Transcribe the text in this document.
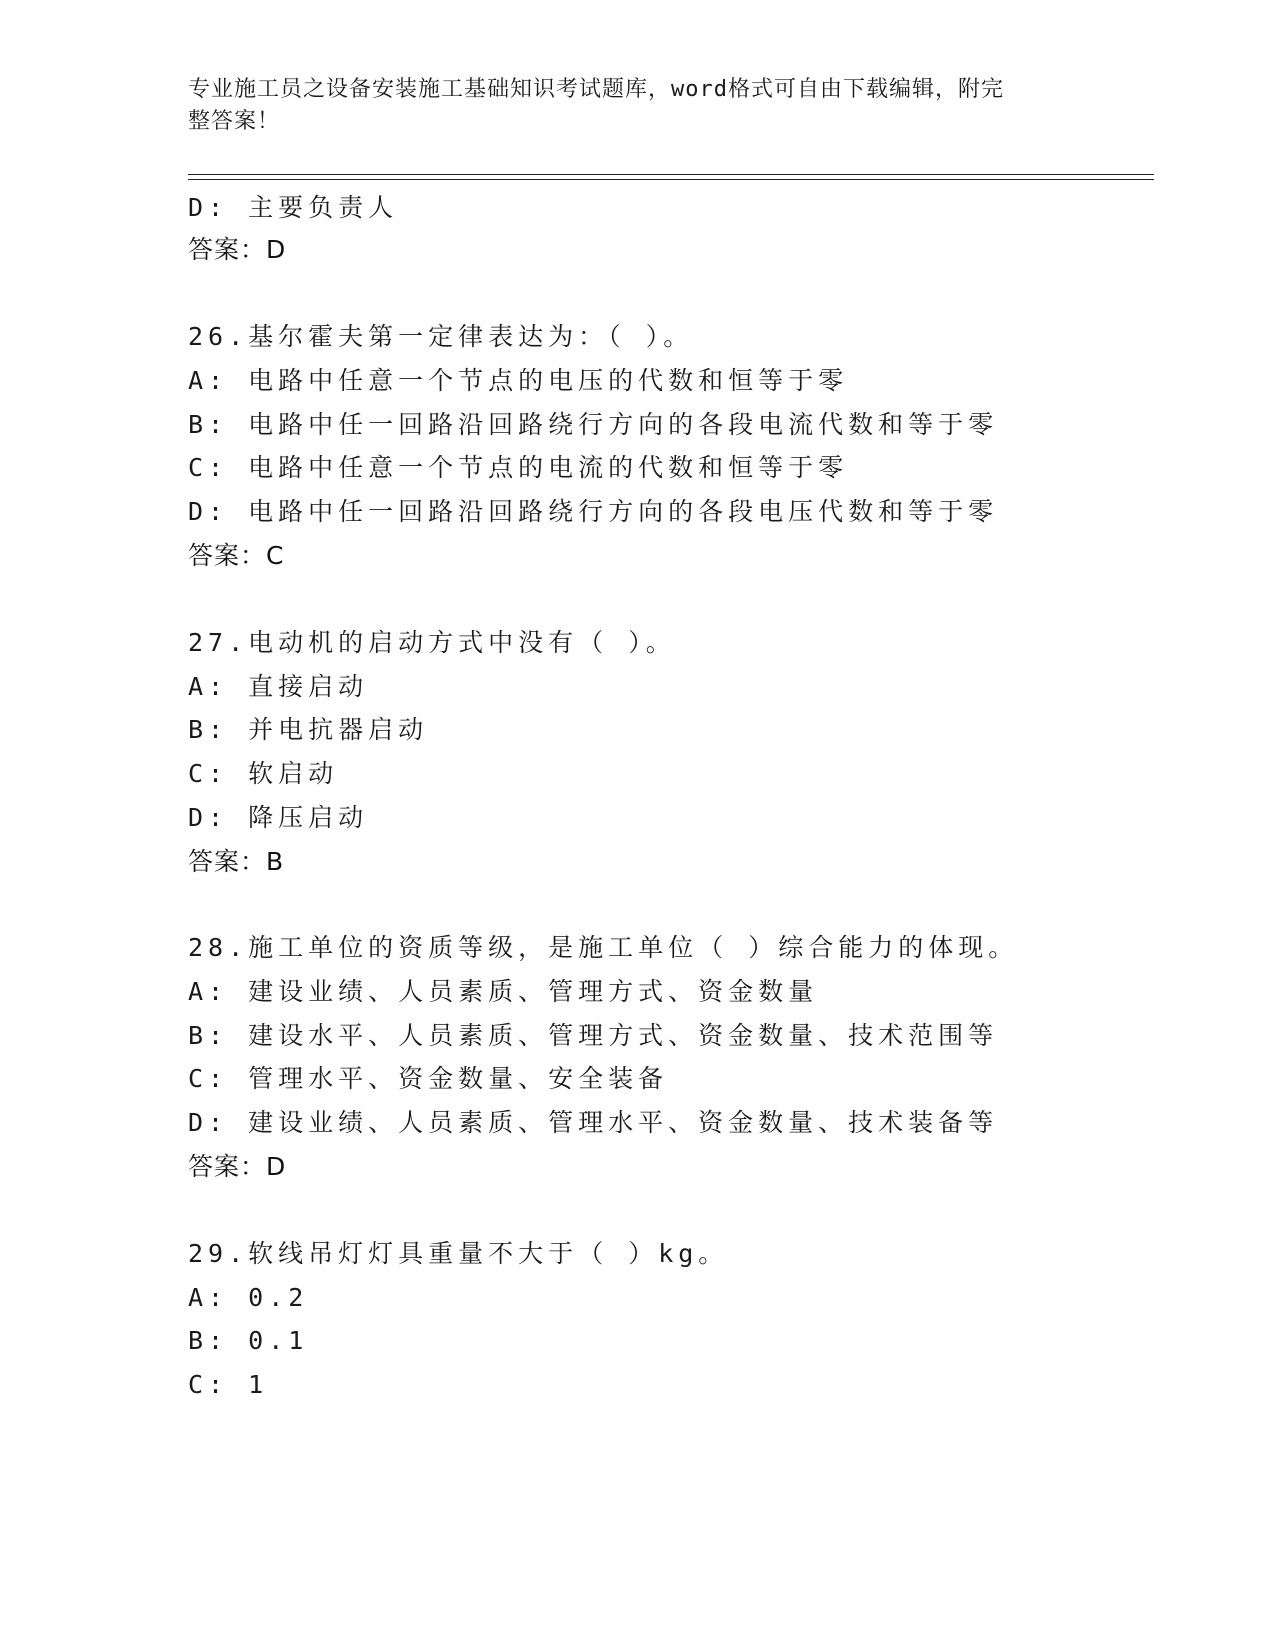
专业施工员之设备安装施工基础知识考试题库，word格式可自由下载编辑，附完
整答案！
D: 主要负责人
答案：D
26.基尔霍夫第一定律表达为：（ ）。
A: 电路中任意一个节点的电压的代数和恒等于零
B: 电路中任一回路沿回路绕行方向的各段电流代数和等于零
C: 电路中任意一个节点的电流的代数和恒等于零
D: 电路中任一回路沿回路绕行方向的各段电压代数和等于零
答案：C
27.电动机的启动方式中没有（ ）。
A: 直接启动
B: 并电抗器启动
C: 软启动
D: 降压启动
答案：B
28.施工单位的资质等级，是施工单位（ ）综合能力的体现。
A: 建设业绩、人员素质、管理方式、资金数量
B: 建设水平、人员素质、管理方式、资金数量、技术范围等
C: 管理水平、资金数量、安全装备
D: 建设业绩、人员素质、管理水平、资金数量、技术装备等
答案：D
29.软线吊灯灯具重量不大于（ ）kg。
A: 0.2
B: 0.1
C: 1
